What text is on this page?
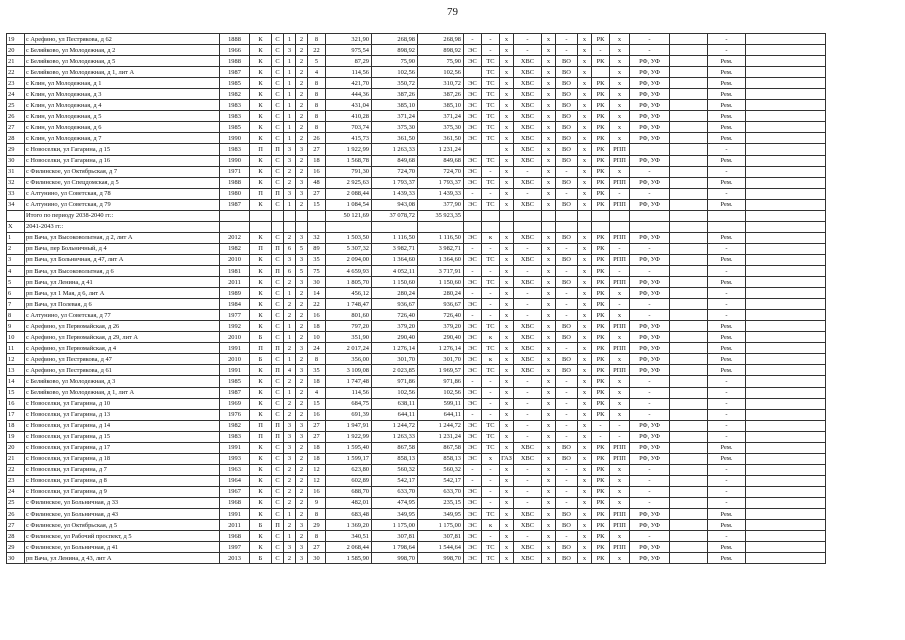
79
19	с Арефино, ул Пестрякова, д 62	1888	К	С	1	2	8	321,90	268,98	268,98	-	-	х	-	х	-	х	РК	х	-		-	
20	с Беляйково, ул Молодежная, д 2	1966	К	С	3	2	22	975,54	898,92	898,92	ЭС	-	х	-	х	-	х	-	х	-		-	
21	с Беляйково, ул Молодежная, д 5	1988	К	С	1	2	5	87,29	75,90	75,90	ЭС	ТС	х	ХВС	х	ВО	х	РК	х	РФ, УФ		Рем.	
22	с Беляйково, ул Молодежная, д 1, лит А	1987	К	С	1	2	4	114,56	102,56	102,56		ТС	х	ХВС	х	ВО	х		х	РФ, УФ		Рем.	
23	с Клин, ул Молодежная, д 1	1985	К	С	1	2	8	421,70	350,72	310,72	ЭС	ТС	х	ХВС	х	ВО	х	РК	х	РФ, УФ		Рем.	
24	с Клин, ул Молодежная, д 3	1982	К	С	1	2	8	444,36	387,26	387,26	ЭС	ТС	х	ХВС	х	ВО	х	РК	х	РФ, УФ		Рем.	
25	с Клин, ул Молодежная, д 4	1983	К	С	1	2	8	431,04	385,10	385,10	ЭС	ТС	х	ХВС	х	ВО	х	РК	х	РФ, УФ		Рем.	
26	с Клин, ул Молодежная, д 5	1983	К	С	1	2	8	410,28	371,24	371,24	ЭС	ТС	х	ХВС	х	ВО	х	РК	х	РФ, УФ		Рем.	
27	с Клин, ул Молодежная, д 6	1985	К	С	1	2	8	703,74	375,30	375,30	ЭС	ТС	х	ХВС	х	ВО	х	РК	х	РФ, УФ		Рем.	
28	с Клин, ул Молодежная, д 7	1990	К	С	1	2	26	415,73	361,50	361,50	ЭС	ТС	х	ХВС	х	ВО	х	РК	х	РФ, УФ		Рем.	
29	с Новоселки, ул Гагарина, д 15	1983	П	П	3	3	27	1 922,99	1 263,33	1 231,24			х	ХВС	х	ВО	х	РК	РПП			-	
30	с Новоселки, ул Гагарина, д 16	1990	К	С	3	2	18	1 568,78	849,68	849,68	ЭС	ТС	х	ХВС	х	ВО	х	РК	РПП	РФ, УФ		Рем.	
31	с Филинское, ул Октябрьская, д 7	1971	К	С	2	2	16	791,30	724,70	724,70	ЭС	-	х	-	х	-	х	РК	х	-		-	
32	с Филинское, ул Спецдомская, д 5	1988	К	С	2	3	48	2 925,63	1 793,37	1 793,37	ЭС	ТС	х	ХВС	х	ВО	х	РК	РПП	РФ, УФ		Рем.	
33	с Алтунино, ул Советская, д 78	1980	П	П	3	3	27	2 088,44	1 439,33	1 439,33	-	-	х	-	х	-	х	РК	-	-		-	
34	с Алтунино, ул Советская, д 79	1987	К	С	1	2	15	1 084,54	943,08	377,90	ЭС	ТС	х	ХВС	х	ВО	х	РК	РПП	РФ, УФ		Рем.	
	Итого по периоду 2038-2040 гг.:							50 121,69	37 078,72	35 923,35													
X	2041-2043 гг.:																						
1	рп Вача, ул Высоковольтная, д 2, лит А	2012	К	С	2	3	32	1 503,50	1 116,50	1 116,50	ЭС	к	х	ХВС	х	ВО	х	РК	РПП	РФ, УФ		Рем.	
2	рп Вача, пер Больничный, д 4	1982	П	П	6	5	89	5 307,32	3 982,71	3 982,71	-	-	х	-	х	-	х	РК	-	-		-	
3	рп Вача, ул Больничная, д 47, лит А	2010	К	С	3	3	35	2 094,00	1 364,60	1 364,60	ЭС	ТС	х	ХВС	х	ВО	х	РК	РПП	РФ, УФ		Рем.	
4	рп Вача, ул Высоковольтная, д 6	1981	К	П	6	5	75	4 659,93	4 052,11	3 717,91	-	-	х	-	х	-	х	РК	-	-		-	
5	рп Вача, ул Ленина, д 41	2011	К	С	2	3	30	1 805,70	1 150,60	1 150,60	ЭС	ТС	х	ХВС	х	ВО	х	РК	РПП	РФ, УФ		Рем.	
6	рп Вача, ул 1 Мая, д 6, лит А	1989	К	С	1	2	14	456,12	280,24	280,24	-	-	х	-	х	-	х	РК	х	РФ, УФ		-	
7	рп Вача, ул Полевая, д 6	1984	К	С	2	2	22	1 748,47	936,67	936,67	ЭС	-	х	-	х	-	х	РК	-	-		-	
8	с Алтунино, ул Советская, д 77	1977	К	С	2	2	16	801,60	726,40	726,40	-	-	х	-	х	-	х	РК	х	-		-	
9	с Арефино, ул Первомайская, д 26	1992	К	С	1	2	18	797,20	379,20	379,20	ЭС	ТС	х	ХВС	х	ВО	х	РК	РПП	РФ, УФ		Рем.	
10	с Арефино, ул Первомайская, д 29, лит А	2010	Б	С	1	2	10	351,90	290,40	290,40	ЭС	к	х	ХВС	х	ВО	х	РК	х	РФ, УФ		Рем.	
11	с Арефино, ул Первомайская, д 4	1991	П	П	2	3	24	2 017,24	1 276,14	1 276,14	ЭС	ТС	х	ХВС	х	-	х	РК	РПП	РФ, УФ		Рем.	
12	с Арефино, ул Пестрякова, д 47	2010	Б	С	1	2	8	356,00	301,70	301,70	ЭС	к	х	ХВС	х	ВО	х	РК	х	РФ, УФ		Рем.	
13	с Арефино, ул Пестрякова, д 61	1991	К	П	4	3	35	3 109,08	2 023,85	1 969,57	ЭС	ТС	х	ХВС	х	ВО	х	РК	РПП	РФ, УФ		Рем.	
14	с Беляйково, ул Молодежная, д 3	1985	К	С	2	2	18	1 747,48	971,86	971,86	-	-	х	-	х	-	х	РК	х	-		-	
15	с Беляйково, ул Молодежная, д 1, лит А	1987	К	С	1	2	4	114,56	102,56	102,56	ЭС	-	х	-	х	-	х	РК	х	-		-	
16	с Новоселки, ул Гагарина, д 10	1969	К	С	2	2	15	684,75	638,11	599,11	ЭС	-	х	-	х	-	х	РК	х	-		-	
17	с Новоселки, ул Гагарина, д 13	1976	К	С	2	2	16	691,39	644,11	644,11	-	-	х	-	х	-	х	РК	х	-		-	
18	с Новоселки, ул Гагарина, д 14	1982	П	П	3	3	27	1 947,91	1 244,72	1 244,72	ЭС	ТС	х	-	х	-	х	-	-	РФ, УФ		-	
19	с Новоселки, ул Гагарина, д 15	1983	П	П	3	3	27	1 922,99	1 263,33	1 231,24	ЭС	ТС	х	-	х	-	х	-	-	РФ, УФ		-	
20	с Новоселки, ул Гагарина, д 17	1991	К	С	3	2	18	1 595,40	867,58	867,58	ЭС	ТС	х	ХВС	х	ВО	х	РК	РПП	РФ, УФ		Рем.	
21	с Новоселки, ул Гагарина, д 18	1993	К	С	3	2	18	1 599,17	858,13	858,13	ЭС	х	ГАЗ	ХВС	х	ВО	х	РК	РПП	РФ, УФ		Рем.	
22	с Новоселки, ул Гагарина, д 7	1963	К	С	2	2	12	623,80	560,32	560,32	-	-	х	-	х	-	х	РК	х	-		-	
23	с Новоселки, ул Гагарина, д 8	1964	К	С	2	2	12	602,89	542,17	542,17	-	-	х	-	х	-	х	РК	х	-		-	
24	с Новоселки, ул Гагарина, д 9	1967	К	С	2	2	16	688,70	633,70	633,70	ЭС	-	х	-	х	-	х	РК	х	-		-	
25	с Филинское, ул Больничная, д 33	1968	К	С	2	2	9	482,01	474,95	235,15	ЭС	-	х	-	х	-	х	РК	х	-		-	
26	с Филинское, ул Больничная, д 43	1991	К	С	1	2	8	683,48	349,95	349,95	ЭС	ТС	х	ХВС	х	ВО	х	РК	РПП	РФ, УФ		Рем.	
27	с Филинское, ул Октябрьская, д 5	2011	Б	П	2	3	29	1 369,20	1 175,00	1 175,00	ЭС	к	х	ХВС	х	ВО	х	РК	РПП	РФ, УФ		Рем.	
28	с Филинское, ул Рабочий проспект, д 5	1968	К	С	1	2	8	340,51	307,81	307,81	ЭС	-	х	-	х	-	х	РК	х	-		-	
29	с Филинское, ул Больничная, д 41	1997	К	С	3	3	27	2 068,44	1 798,64	1 544,64	ЭС	ТС	х	ХВС	х	ВО	х	РК	РПП	РФ, УФ		Рем.	
30	рп Вача, ул Ленина, д 43, лит А	2013	Б	С	2	3	30	1 585,90	998,70	998,70	ЭС	ТС	х	ХВС	х	ВО	х	РК	х	РФ, УФ		Рем.	
